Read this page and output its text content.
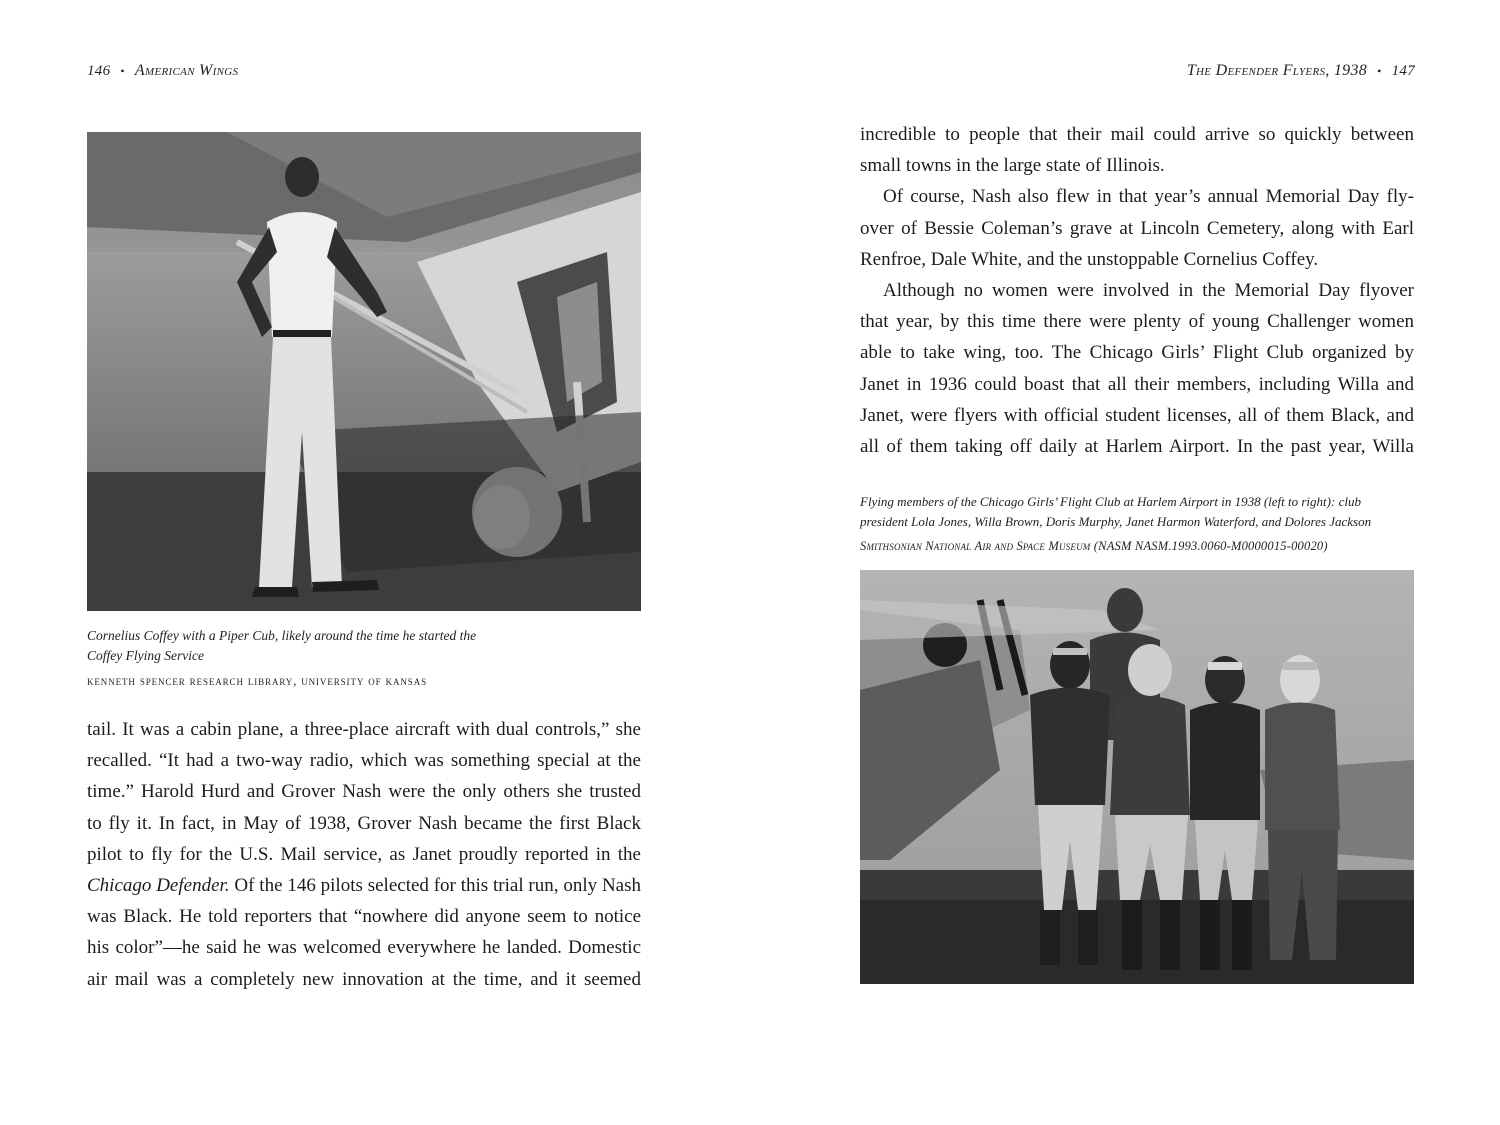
146 • American Wings
Cornelius Coffey with a Piper Cub, likely around the time he started the
Coffey Flying Service
kenneth spencer research library, university of kansas
tail. It was a cabin plane, a three-place aircraft with dual controls,” she
recalled. “It had a two-way radio, which was something special at the
time.” Harold Hurd and Grover Nash were the only others she trusted
to fly it. In fact, in May of 1938, Grover Nash became the first Black
pilot to fly for the U.S. Mail service, as Janet proudly reported in the
Chicago Defender. Of the 146 pilots selected for this trial run, only Nash
was Black. He told reporters that “nowhere did anyone seem to notice
his color”—he said he was welcomed everywhere he landed. Domestic
air mail was a completely new innovation at the time, and it seemed
The Defender Flyers, 1938 • 147
incredible to people that their mail could arrive so quickly between
small towns in the large state of Illinois.
Of course, Nash also flew in that year’s annual Memorial Day fly-
over of Bessie Coleman’s grave at Lincoln Cemetery, along with Earl
Renfroe, Dale White, and the unstoppable Cornelius Coffey.
Although no women were involved in the Memorial Day flyover
that year, by this time there were plenty of young Challenger women
able to take wing, too. The Chicago Girls’ Flight Club organized by
Janet in 1936 could boast that all their members, including Willa and
Janet, were flyers with official student licenses, all of them Black, and
all of them taking off daily at Harlem Airport. In the past year, Willa
Flying members of the Chicago Girls’ Flight Club at Harlem Airport in 1938 (left to right): club
president Lola Jones, Willa Brown, Doris Murphy, Janet Harmon Waterford, and Dolores Jackson
Smithsonian National Air and Space Museum (NASM NASM.1993.0060-M0000015-00020)
